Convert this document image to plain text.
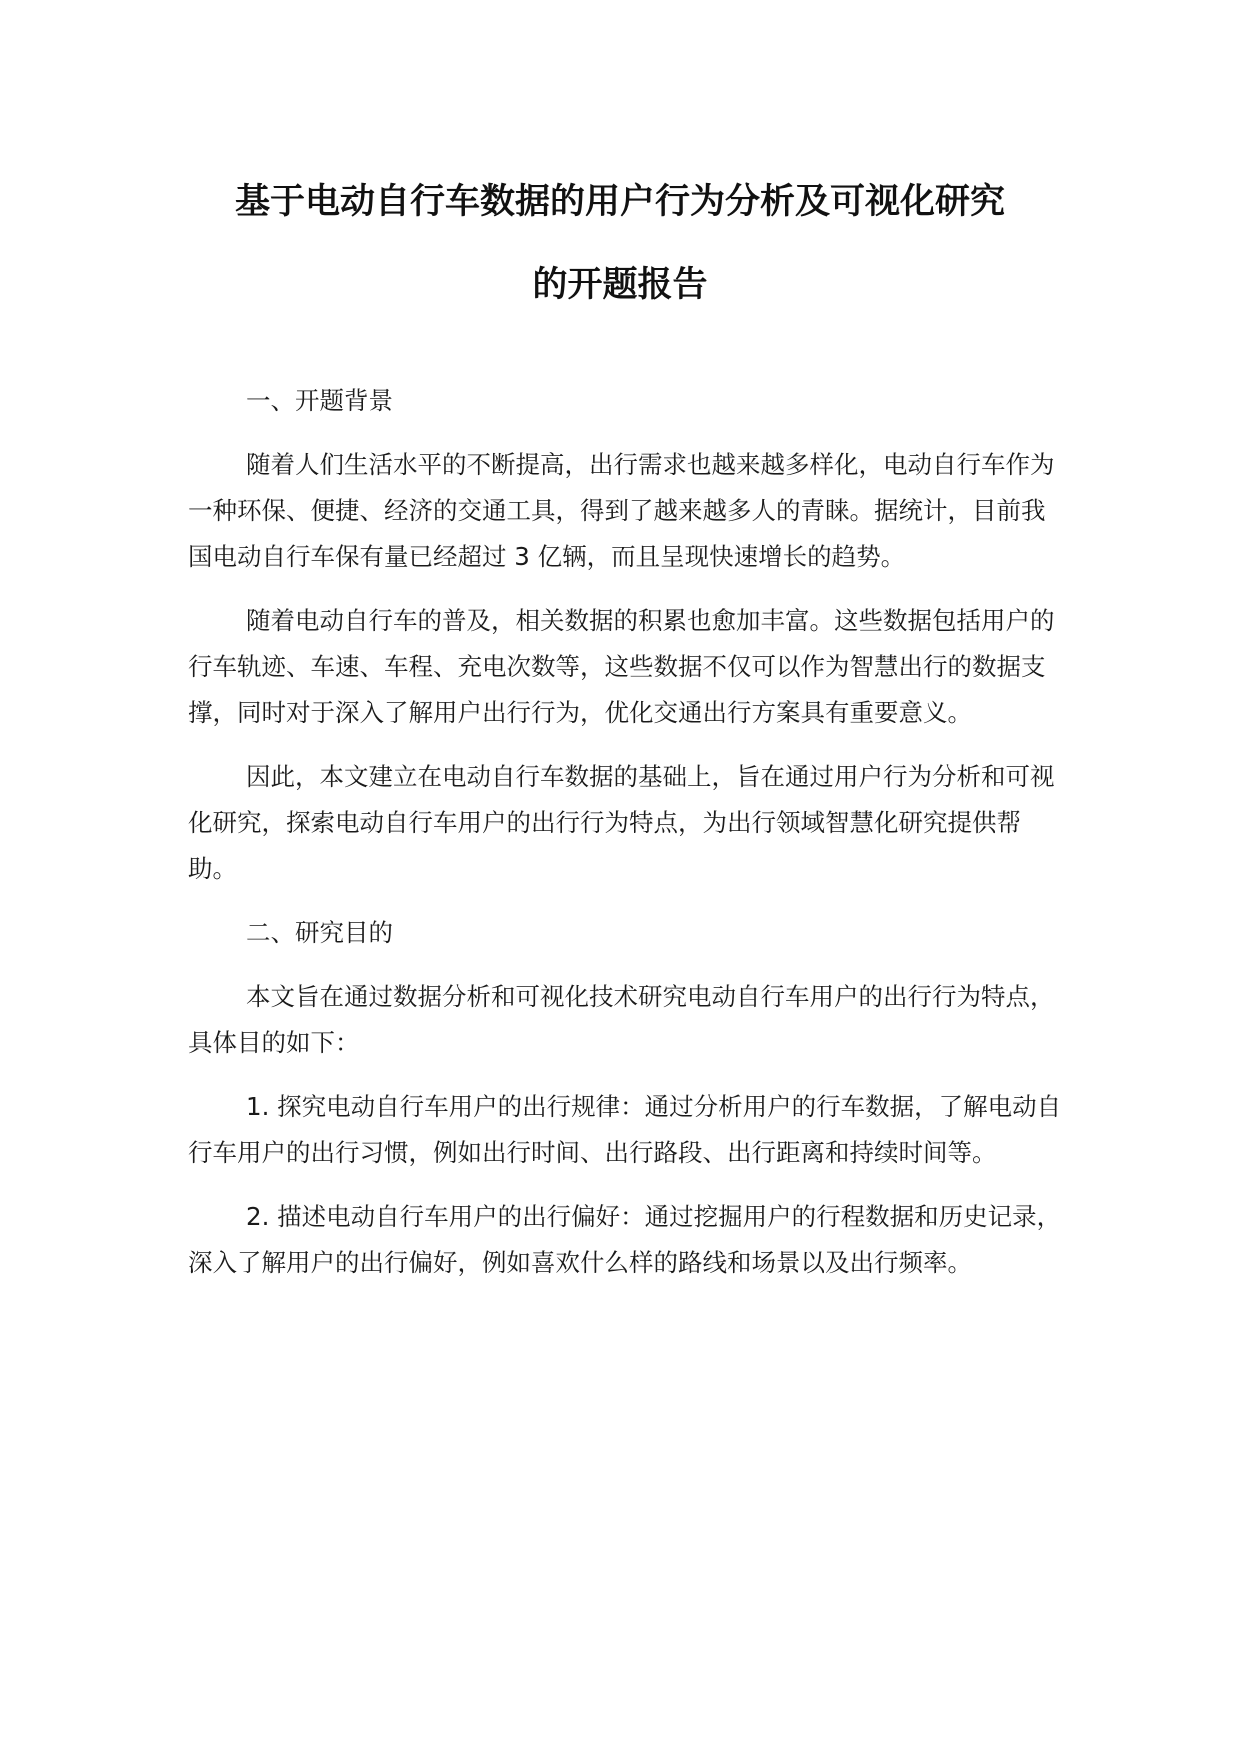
基于电动自行车数据的用户行为分析及可视化研究
的开题报告
一、开题背景

随着人们生活水平的不断提高，出行需求也越来越多样化，电动自行车作为一种环保、便捷、经济的交通工具，得到了越来越多人的青睐。据统计，目前我国电动自行车保有量已经超过 3 亿辆，而且呈现快速增长的趋势。

随着电动自行车的普及，相关数据的积累也愈加丰富。这些数据包括用户的行车轨迹、车速、车程、充电次数等，这些数据不仅可以作为智慧出行的数据支撑，同时对于深入了解用户出行行为，优化交通出行方案具有重要意义。

因此，本文建立在电动自行车数据的基础上，旨在通过用户行为分析和可视化研究，探索电动自行车用户的出行行为特点，为出行领域智慧化研究提供帮助。

二、研究目的

本文旨在通过数据分析和可视化技术研究电动自行车用户的出行行为特点，具体目的如下：

1. 探究电动自行车用户的出行规律：通过分析用户的行车数据，了解电动自行车用户的出行习惯，例如出行时间、出行路段、出行距离和持续时间等。

2. 描述电动自行车用户的出行偏好：通过挖掘用户的行程数据和历史记录，深入了解用户的出行偏好，例如喜欢什么样的路线和场景以及出行频率。
